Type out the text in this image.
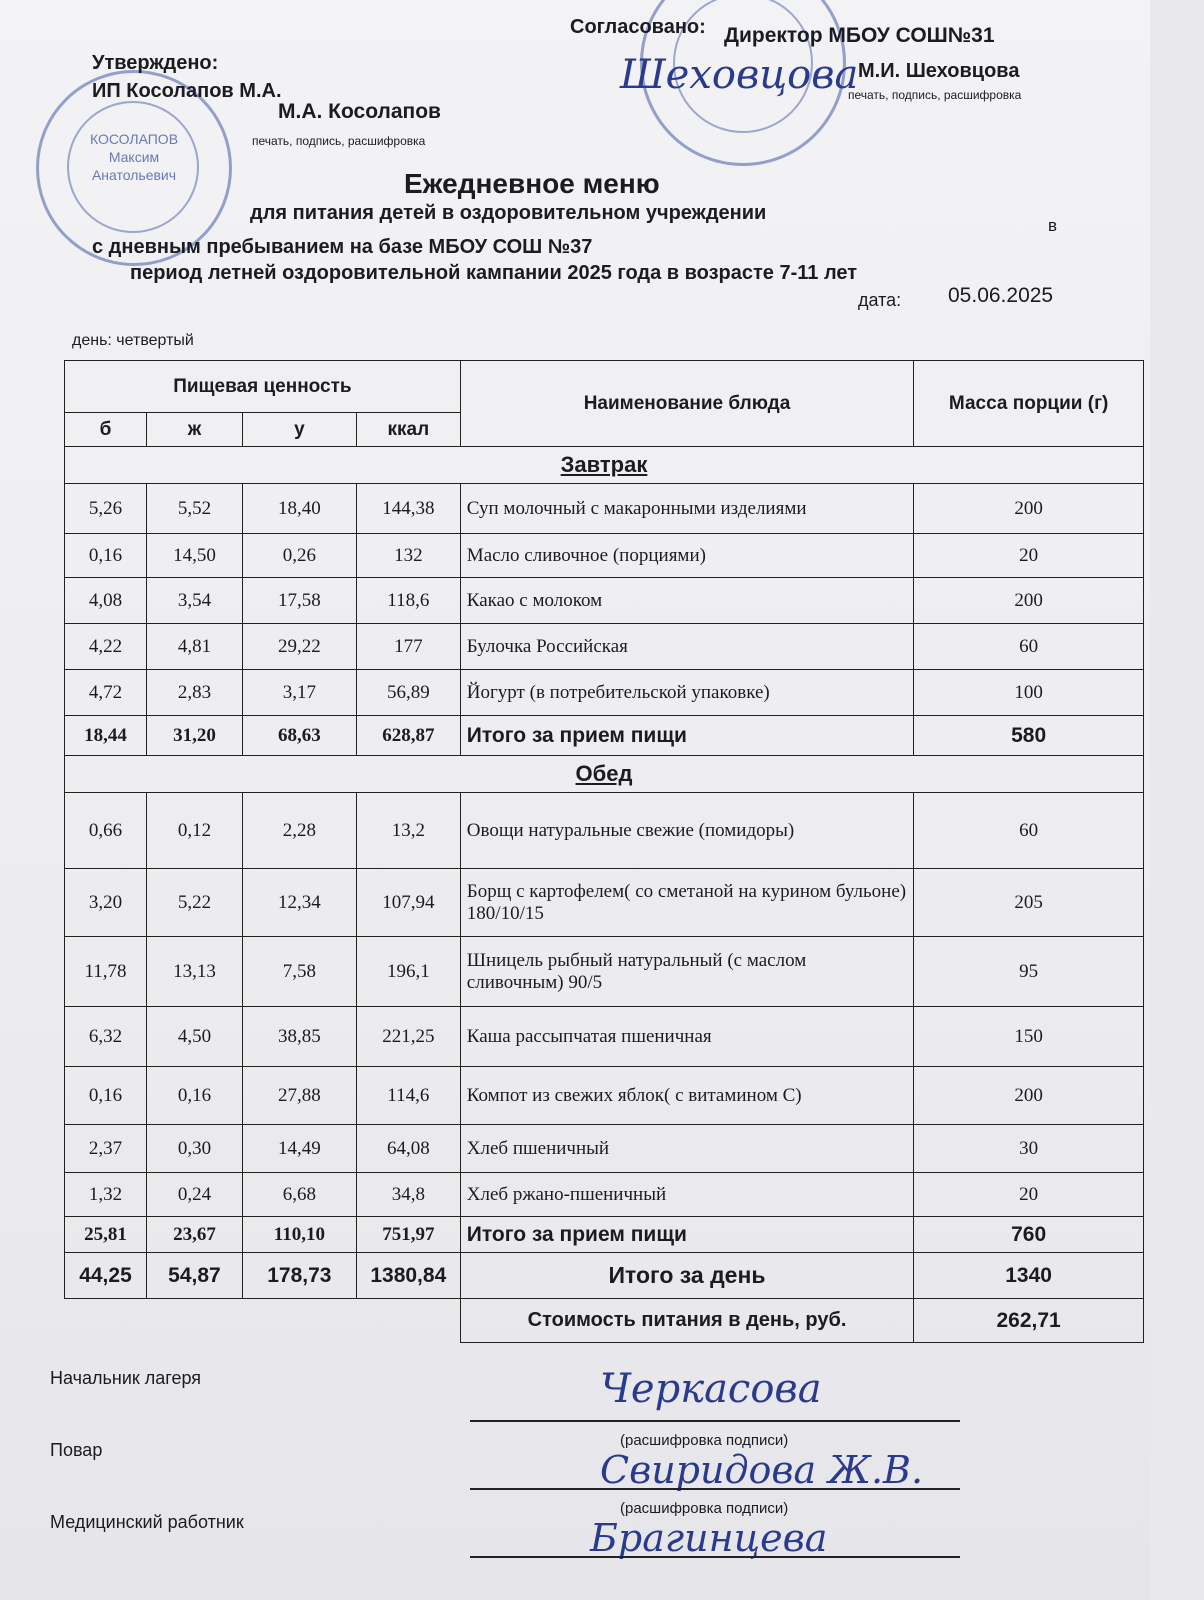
КОСОЛАПОВ
Максим
Анатольевич
Утверждено:
ИП Косолапов М.А.
М.А. Косолапов
печать, подпись, расшифровка
Согласовано: Директор МБОУ СОШ№31
Шеховцова М.И. Шеховцова
печать, подпись, расшифровка
Ежедневное меню
для питания детей в оздоровительном учреждении
в
с дневным пребыванием на базе МБОУ СОШ №37
период летней оздоровительной кампании 2025 года в возрасте 7-11 лет
дата: 05.06.2025
день: четвертый
Пищевая ценность				Наименование блюда	Масса порции (г)
б	ж	у	ккал		
Завтрак					
5,26	5,52	18,40	144,38	Суп молочный с макаронными изделиями	200
0,16	14,50	0,26	132	Масло сливочное (порциями)	20
4,08	3,54	17,58	118,6	Какао с молоком	200
4,22	4,81	29,22	177	Булочка Российская	60
4,72	2,83	3,17	56,89	Йогурт (в потребительской упаковке)	100
18,44	31,20	68,63	628,87	Итого за прием пищи	580
Обед					
0,66	0,12	2,28	13,2	Овощи натуральные свежие (помидоры)	60
3,20	5,22	12,34	107,94	Борщ с картофелем( со сметаной на курином бульоне) 180/10/15	205
11,78	13,13	7,58	196,1	Шницель рыбный натуральный (с маслом сливочным) 90/5	95
6,32	4,50	38,85	221,25	Каша рассыпчатая пшеничная	150
0,16	0,16	27,88	114,6	Компот из свежих яблок( с витамином С)	200
2,37	0,30	14,49	64,08	Хлеб пшеничный	30
1,32	0,24	6,68	34,8	Хлеб ржано-пшеничный	20
25,81	23,67	110,10	751,97	Итого за прием пищи	760
44,25	54,87	178,73	1380,84	Итого за день	1340
				Стоимость питания в день, руб.	262,71
Начальник лагеря	Черкасова
Повар	(расшифровка подписи)
Свиридова Ж.В.
(расшифровка подписи)
Медицинский работник	Брагинцева
